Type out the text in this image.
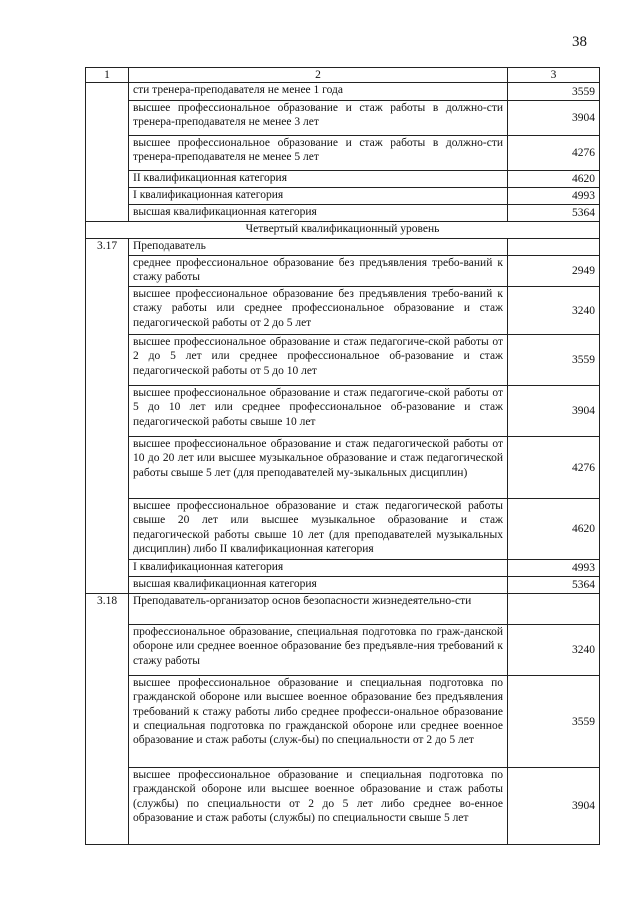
38
1	2	3
	сти тренера-преподавателя не менее 1 года	3559
	высшее профессиональное образование и стаж работы в должно-сти тренера-преподавателя не менее 3 лет	3904
	высшее профессиональное образование и стаж работы в должно-сти тренера-преподавателя не менее 5 лет	4276
	II квалификационная категория	4620
	I квалификационная категория	4993
	высшая квалификационная категория	5364
Четвертый квалификационный уровень		
3.17	Преподаватель	
	среднее профессиональное образование без предъявления требо-ваний к стажу работы	2949
	высшее профессиональное образование без предъявления требо-ваний к стажу работы или среднее профессиональное образование и стаж педагогической работы от 2 до 5 лет	3240
	высшее профессиональное образование и стаж педагогиче-ской работы от 2 до 5 лет или среднее профессиональное об-разование и стаж педагогической работы от 5 до 10 лет	3559
	высшее профессиональное образование и стаж педагогиче-ской работы от 5 до 10 лет или среднее профессиональное об-разование и стаж педагогической работы свыше 10 лет	3904
	высшее профессиональное образование и стаж педагогической работы от 10 до 20 лет или высшее музыкальное образование и стаж педагогической работы свыше 5 лет (для преподавателей му-зыкальных дисциплин)	4276
	высшее профессиональное образование и стаж педагогической работы свыше 20 лет или высшее музыкальное образование и стаж педагогической работы свыше 10 лет (для преподавателей музыкальных дисциплин) либо II квалификационная категория	4620
	I квалификационная категория	4993
	высшая квалификационная категория	5364
3.18	Преподаватель-организатор основ безопасности жизнедеятельно-сти	
	профессиональное образование, специальная подготовка по граж-данской обороне или среднее военное образование без предъявле-ния требований к стажу работы	3240
	высшее профессиональное образование и специальная подготовка по гражданской обороне или высшее военное образование без предъявления требований к стажу работы либо среднее професси-ональное образование и специальная подготовка по гражданской обороне или среднее военное образование и стаж работы (служ-бы) по специальности от 2 до 5 лет	3559
	высшее профессиональное образование и специальная подготовка по гражданской обороне или высшее военное образование и стаж работы (службы) по специальности от 2 до 5 лет либо среднее во-енное образование и стаж работы (службы) по специальности свыше 5 лет	3904
